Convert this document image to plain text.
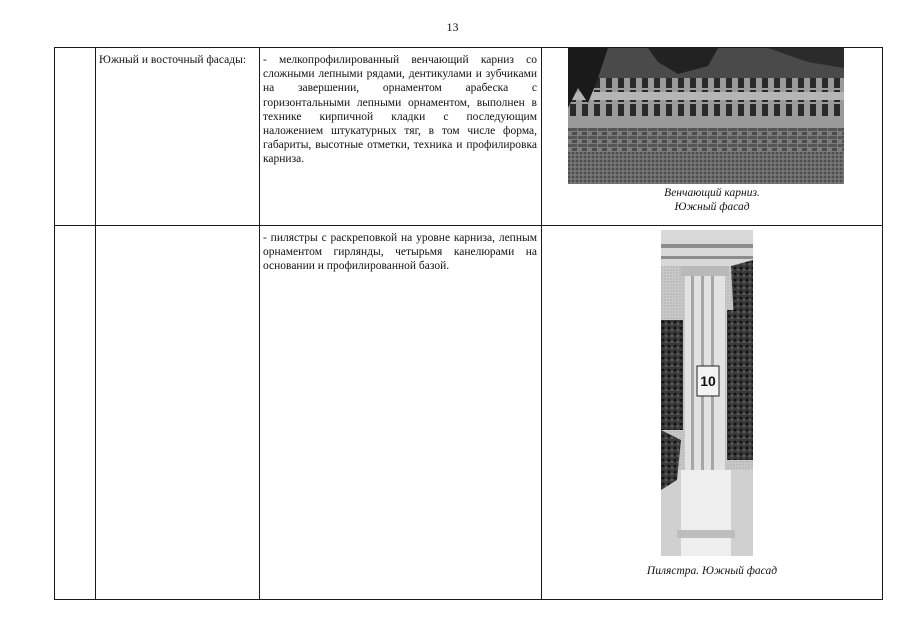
13

	Южный и восточный фасады:	- мелкопрофилированный венчающий карниз со сложными лепными рядами, дентикулами и зубчиками на завершении, орнаментом арабеска с горизонтальными лепными орнаментом, выполнен в технике кирпичной кладки с последующим наложением штукатурных тяг, в том числе форма, габариты, высотные отметки, техника и профилировка карниза.	Венчающий карниз.
Южный фасад

		- пилястры с раскреповкой на уровне карниза, лепным орнаментом гирлянды, четырьмя канелюрами на основании и профилированной базой.	10
Пилястра. Южный фасад
